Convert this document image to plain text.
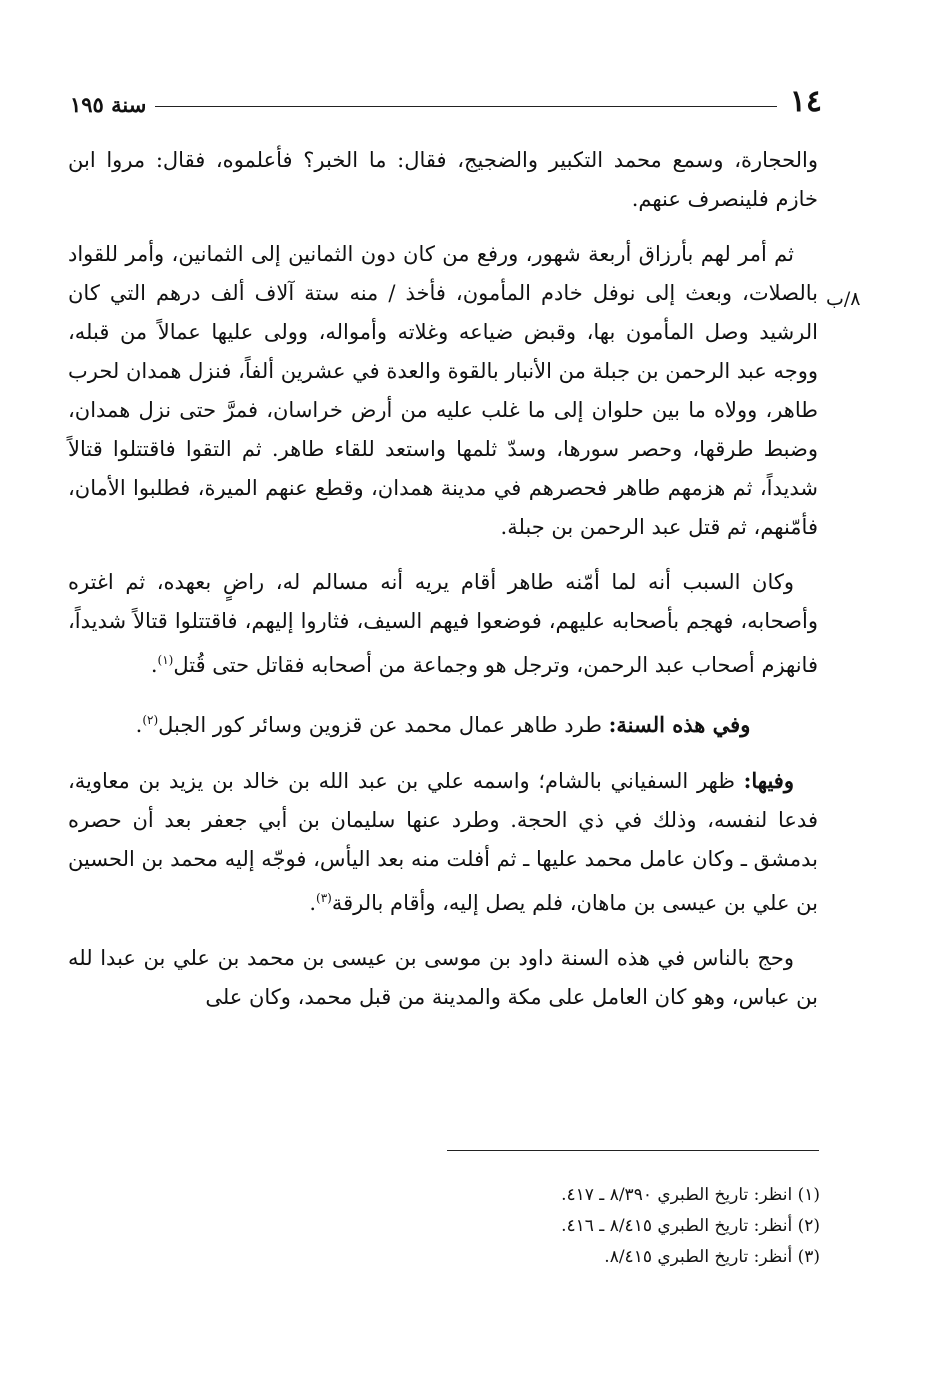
١٤
سنة ١٩٥
٨/ب

والحجارة، وسمع محمد التكبير والضجيج، فقال: ما الخبر؟ فأعلموه، فقال: مروا ابن خازم فلينصرف عنهم.

ثم أمر لهم بأرزاق أربعة شهور، ورفع من كان دون الثمانين إلى الثمانين، وأمر للقواد بالصلات، وبعث إلى نوفل خادم المأمون، فأخذ / منه ستة آلاف ألف درهم التي كان الرشيد وصل المأمون بها، وقبض ضياعه وغلاته وأمواله، وولى عليها عمالاً من قبله، ووجه عبد الرحمن بن جبلة من الأنبار بالقوة والعدة في عشرين ألفاً، فنزل همدان لحرب طاهر، وولاه ما بين حلوان إلى ما غلب عليه من أرض خراسان، فمرَّ حتى نزل همدان، وضبط طرقها، وحصر سورها، وسدّ ثلمها واستعد للقاء طاهر. ثم التقوا فاقتتلوا قتالاً شديداً، ثم هزمهم طاهر فحصرهم في مدينة همدان، وقطع عنهم الميرة، فطلبوا الأمان، فأمّنهم، ثم قتل عبد الرحمن بن جبلة.

وكان السبب أنه لما أمّنه طاهر أقام يريه أنه مسالم له، راضٍ بعهده، ثم اغتره وأصحابه، فهجم بأصحابه عليهم، فوضعوا فيهم السيف، فثاروا إليهم، فاقتتلوا قتالاً شديداً، فانهزم أصحاب عبد الرحمن، وترجل هو وجماعة من أصحابه فقاتل حتى قُتل$^{(١)}$.

وفي هذه السنة: طرد طاهر عمال محمد عن قزوين وسائر كور الجبل$^{(٢)}$.

وفيها: ظهر السفياني بالشام؛ واسمه علي بن عبد الله بن خالد بن يزيد بن معاوية، فدعا لنفسه، وذلك في ذي الحجة. وطرد عنها سليمان بن أبي جعفر بعد أن حصره بدمشق ـ وكان عامل محمد عليها ـ ثم أفلت منه بعد اليأس، فوجّه إليه محمد بن الحسين بن علي بن عيسى بن ماهان، فلم يصل إليه، وأقام بالرقة$^{(٣)}$.

وحج بالناس في هذه السنة داود بن موسى بن عيسى بن محمد بن علي بن عبدا لله بن عباس، وهو كان العامل على مكة والمدينة من قبل محمد، وكان على

(١) انظر: تاريخ الطبري ٨/٣٩٠ ـ ٤١٧.

(٢) أنظر: تاريخ الطبري ٨/٤١٥ ـ ٤١٦.

(٣) أنظر: تاريخ الطبري ٨/٤١٥.
